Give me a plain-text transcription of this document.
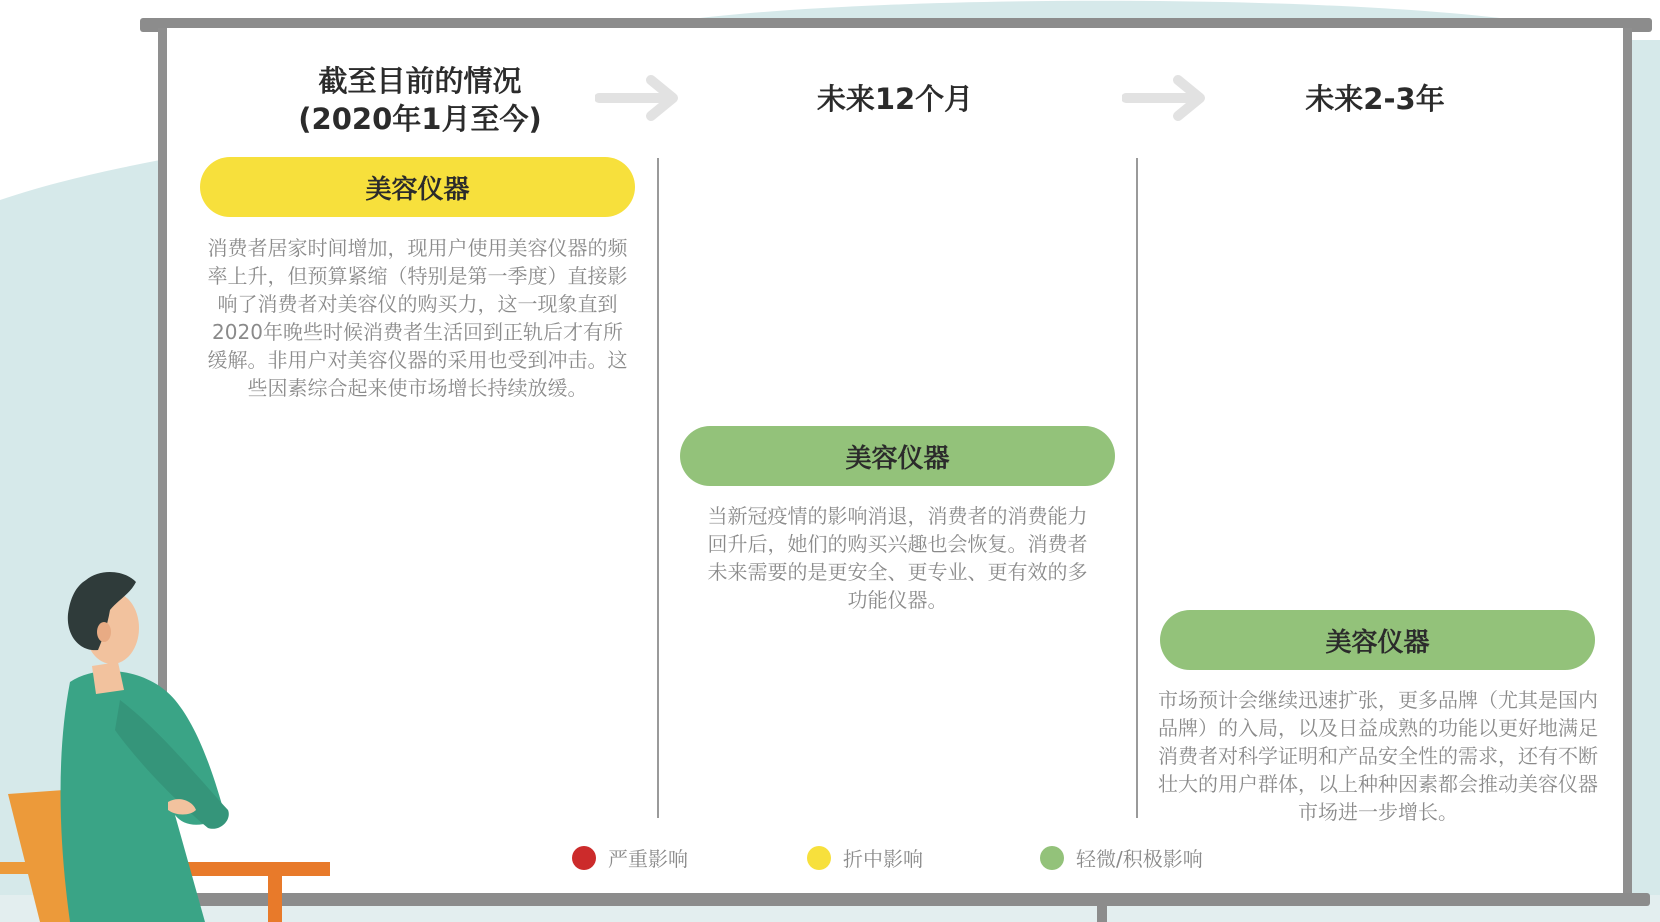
截至目前的情况
(2020年1月至今)
未来12个月	未来2-3年
美容仪器
消费者居家时间增加，现用户使用美容仪器的频率上升，但预算紧缩（特别是第一季度）直接影响了消费者对美容仪的购买力，这一现象直到2020年晚些时候消费者生活回到正轨后才有所缓解。非用户对美容仪器的采用也受到冲击。这些因素综合起来使市场增长持续放缓。
美容仪器
当新冠疫情的影响消退，消费者的消费能力回升后，她们的购买兴趣也会恢复。消费者未来需要的是更安全、更专业、更有效的多功能仪器。
美容仪器
市场预计会继续迅速扩张，更多品牌（尤其是国内品牌）的入局，以及日益成熟的功能以更好地满足消费者对科学证明和产品安全性的需求，还有不断壮大的用户群体，以上种种因素都会推动美容仪器市场进一步增长。
严重影响	折中影响	轻微/积极影响
